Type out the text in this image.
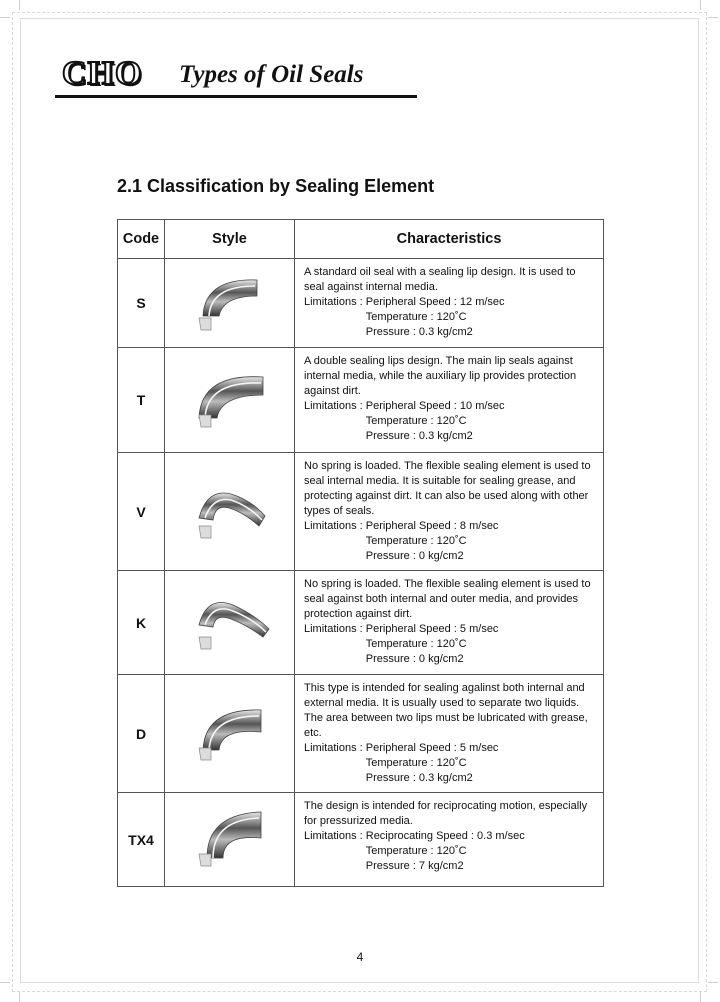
CHO Types of Oil Seals
2.1 Classification by Sealing Element
Code	Style	Characteristics
S		A standard oil seal with a sealing lip design. It is used to seal against internal media.
Limitations : Peripheral Speed : 12 m/sec
Temperature : 120˚C
Pressure : 0.3 kg/cm2

T		A double sealing lips design. The main lip seals against internal media, while the auxiliary lip provides protection against dirt.
Limitations : Peripheral Speed : 10 m/sec
Temperature : 120˚C
Pressure : 0.3 kg/cm2

V		No spring is loaded. The flexible sealing element is used to seal internal media. It is suitable for sealing grease, and protecting against dirt. It can also be used along with other types of seals.
Limitations : Peripheral Speed : 8 m/sec
Temperature : 120˚C
Pressure : 0 kg/cm2

K		No spring is loaded. The flexible sealing element is used to seal against both internal and outer media, and provides protection against dirt.
Limitations : Peripheral Speed : 5 m/sec
Temperature : 120˚C
Pressure : 0 kg/cm2

D		This type is intended for sealing agalinst both internal and external media. It is usually used to separate two liquids. The area between two lips must be lubricated with grease, etc.
Limitations : Peripheral Speed : 5 m/sec
Temperature : 120˚C
Pressure : 0.3 kg/cm2

TX4		The design is intended for reciprocating motion, especially for pressurized media.
Limitations : Reciprocating Speed : 0.3 m/sec
Temperature : 120˚C
Pressure : 7 kg/cm2
4
